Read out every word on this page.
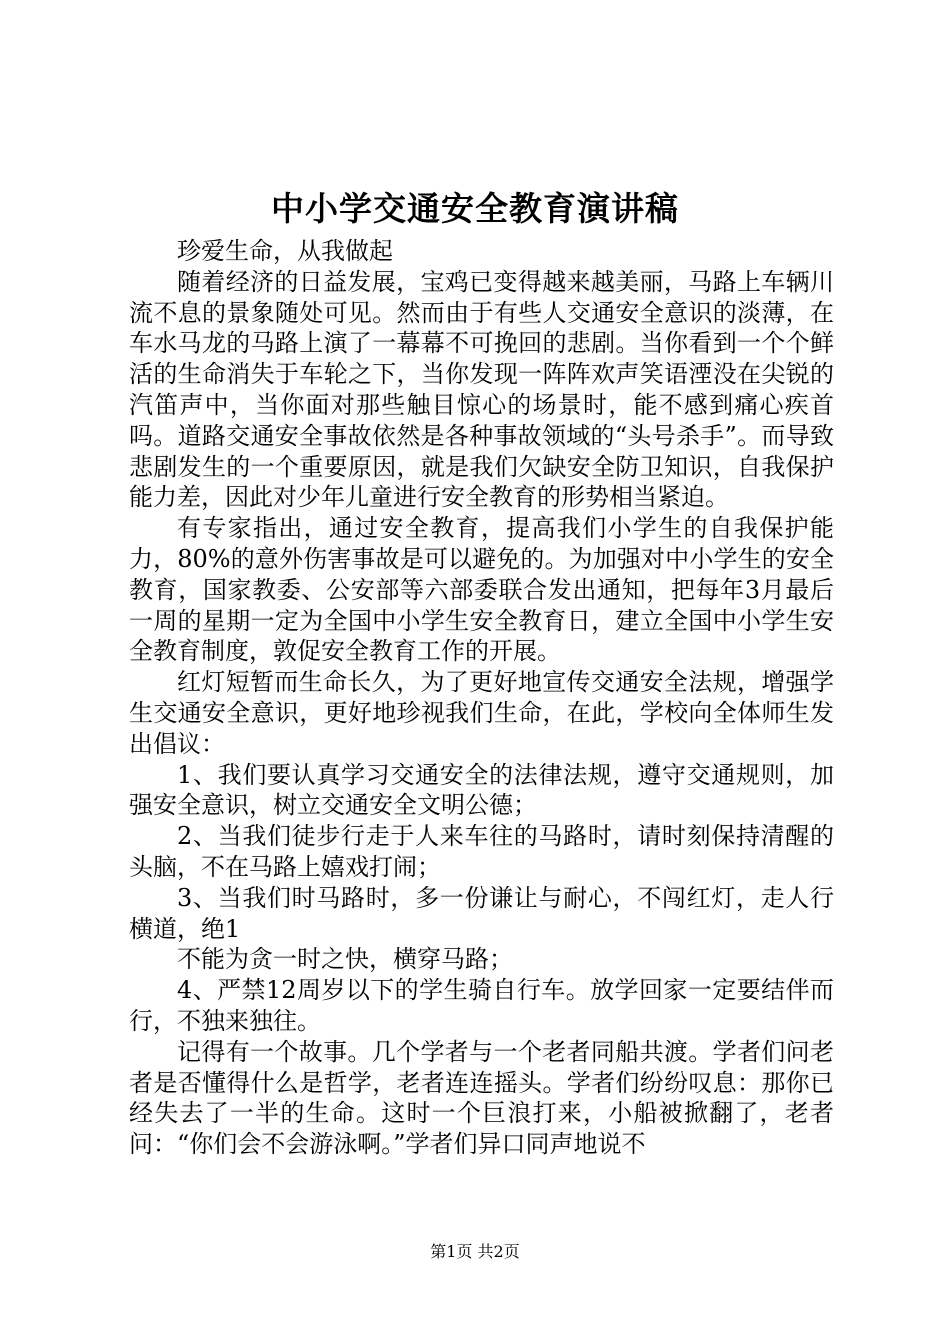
中小学交通安全教育演讲稿

珍爱生命，从我做起

随着经济的日益发展，宝鸡已变得越来越美丽，马路上车辆川流不息的景象随处可见。然而由于有些人交通安全意识的淡薄，在车水马龙的马路上演了一幕幕不可挽回的悲剧。当你看到一个个鲜活的生命消失于车轮之下，当你发现一阵阵欢声笑语湮没在尖锐的汽笛声中，当你面对那些触目惊心的场景时，能不感到痛心疾首吗。道路交通安全事故依然是各种事故领域的“头号杀手”。而导致悲剧发生的一个重要原因，就是我们欠缺安全防卫知识，自我保护能力差，因此对少年儿童进行安全教育的形势相当紧迫。

有专家指出，通过安全教育，提高我们小学生的自我保护能力，80%的意外伤害事故是可以避免的。为加强对中小学生的安全教育，国家教委、公安部等六部委联合发出通知，把每年3月最后一周的星期一定为全国中小学生安全教育日，建立全国中小学生安全教育制度，敦促安全教育工作的开展。

红灯短暂而生命长久，为了更好地宣传交通安全法规，增强学生交通安全意识，更好地珍视我们生命，在此，学校向全体师生发出倡议：

1、我们要认真学习交通安全的法律法规，遵守交通规则，加强安全意识，树立交通安全文明公德；

2、当我们徒步行走于人来车往的马路时，请时刻保持清醒的头脑，不在马路上嬉戏打闹；

3、当我们时马路时，多一份谦让与耐心，不闯红灯，走人行横道，绝1

不能为贪一时之快，横穿马路；

4、严禁12周岁以下的学生骑自行车。放学回家一定要结伴而行，不独来独往。

记得有一个故事。几个学者与一个老者同船共渡。学者们问老者是否懂得什么是哲学，老者连连摇头。学者们纷纷叹息：那你已经失去了一半的生命。这时一个巨浪打来，小船被掀翻了，老者问：“你们会不会游泳啊。”学者们异口同声地说不

第1页 共2页
